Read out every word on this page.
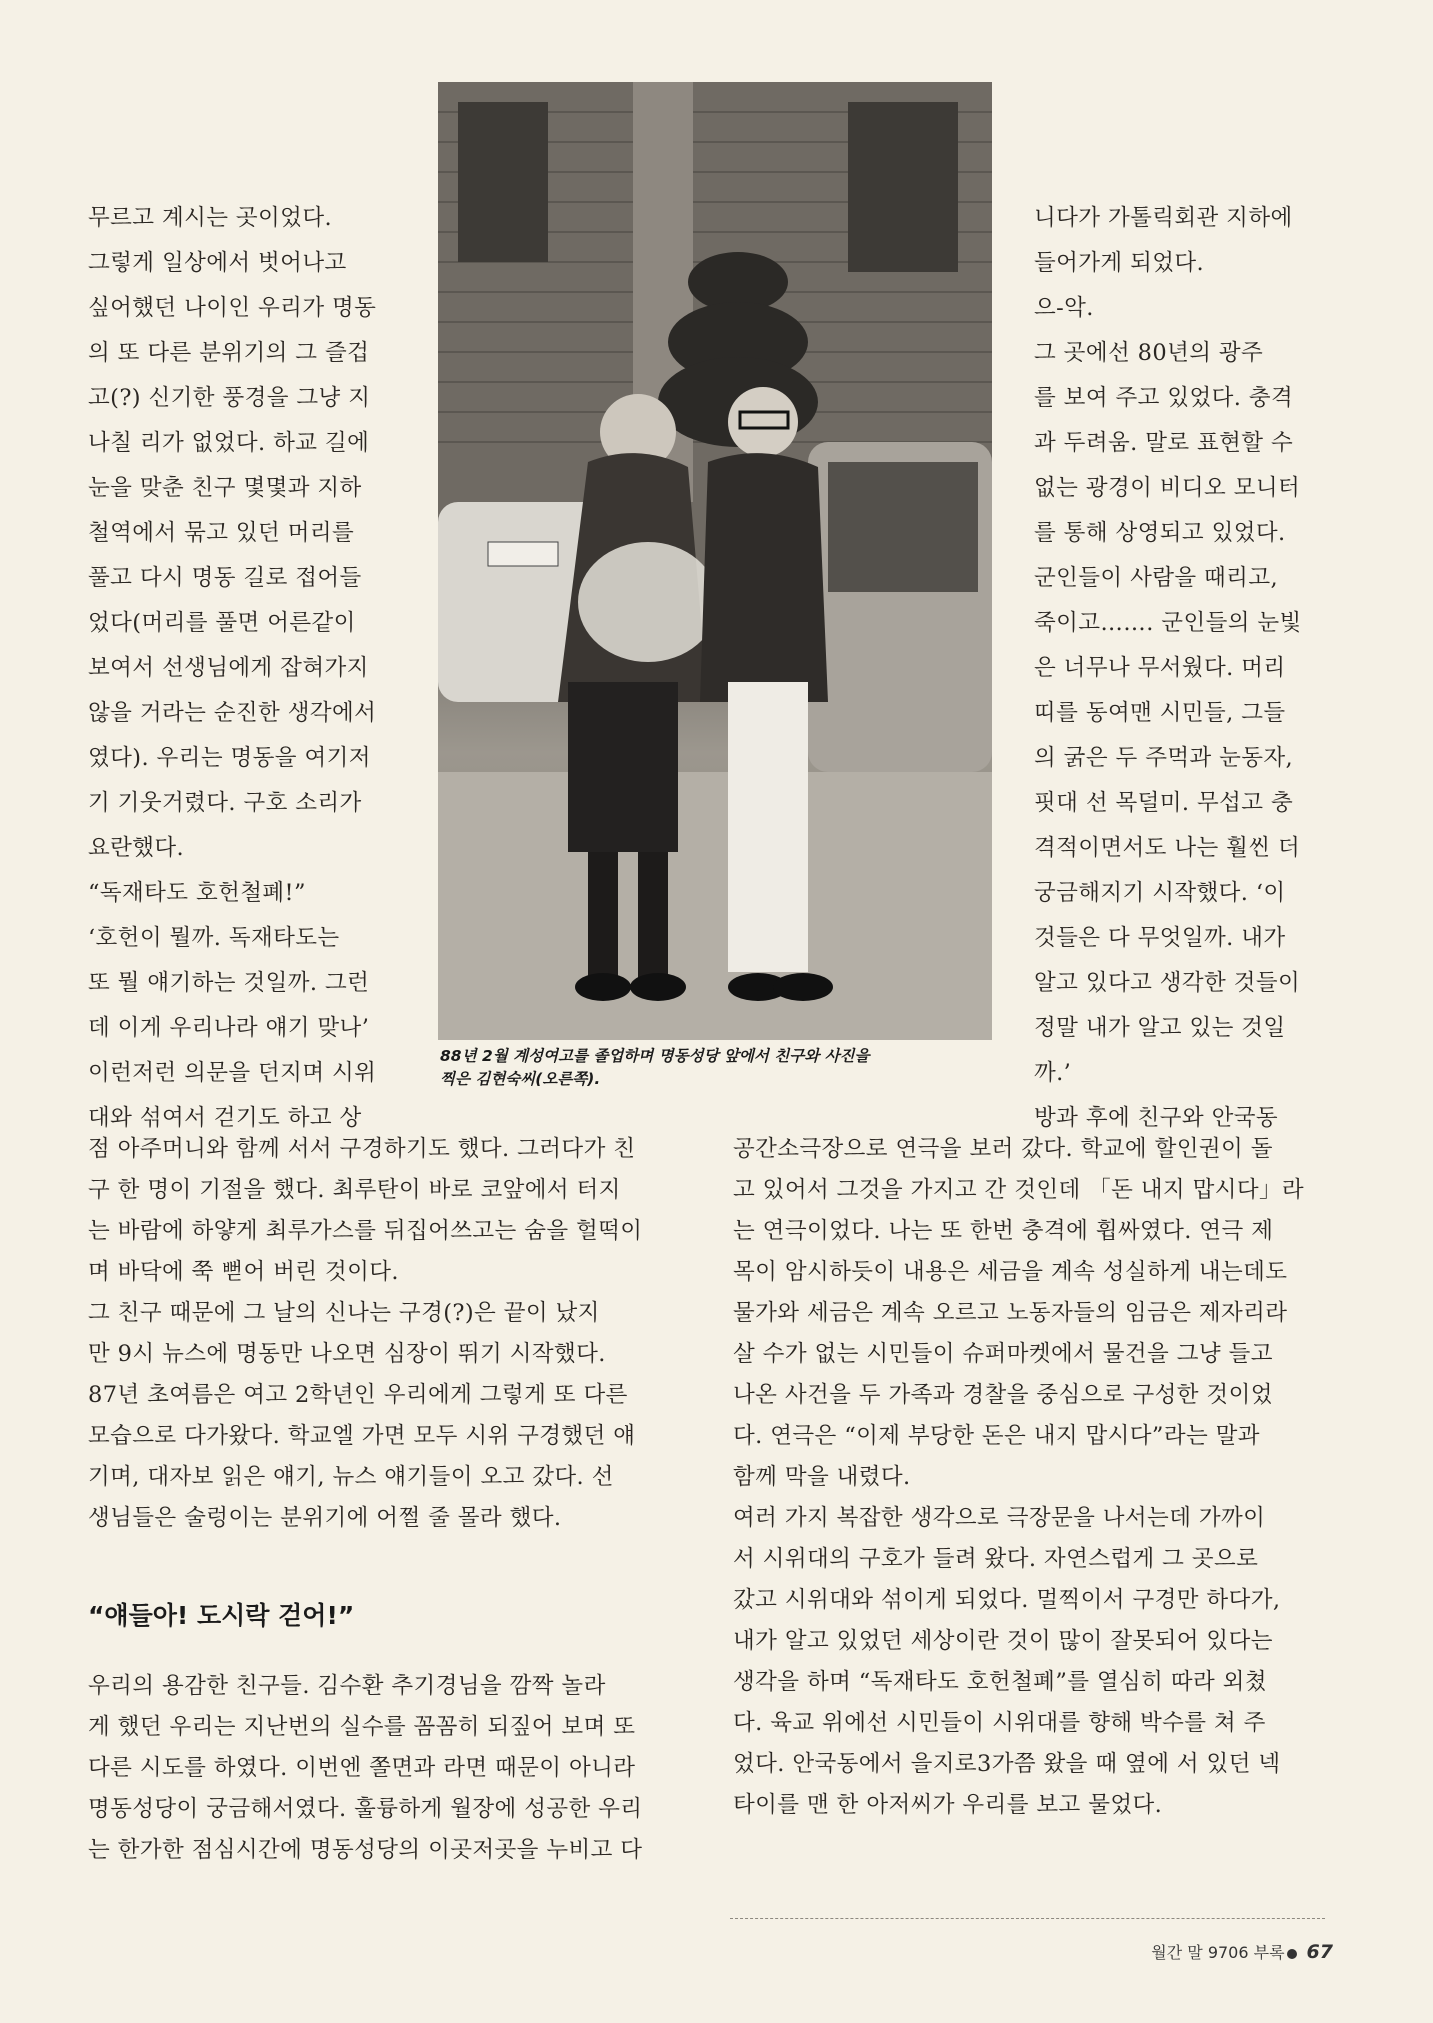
무르고 계시는 곳이었다.
그렇게 일상에서 벗어나고
싶어했던 나이인 우리가 명동
의 또 다른 분위기의 그 즐겁
고(?) 신기한 풍경을 그냥 지
나칠 리가 없었다. 하교 길에
눈을 맞춘 친구 몇몇과 지하
철역에서 묶고 있던 머리를
풀고 다시 명동 길로 접어들
었다(머리를 풀면 어른같이
보여서 선생님에게 잡혀가지
않을 거라는 순진한 생각에서
였다). 우리는 명동을 여기저
기 기웃거렸다. 구호 소리가
요란했다.
“독재타도 호헌철폐!”
‘호헌이 뭘까. 독재타도는
또 뭘 얘기하는 것일까. 그런
데 이게 우리나라 얘기 맞나’
이런저런 의문을 던지며 시위
대와 섞여서 걷기도 하고 상
88년 2월 계성여고를 졸업하며 명동성당 앞에서 친구와 사진을
찍은 김현숙씨(오른쪽).
니다가 가톨릭회관 지하에
들어가게 되었다.
으-악.
그 곳에선 80년의 광주
를 보여 주고 있었다. 충격
과 두려움. 말로 표현할 수
없는 광경이 비디오 모니터
를 통해 상영되고 있었다.
군인들이 사람을 때리고,
죽이고……. 군인들의 눈빛
은 너무나 무서웠다. 머리
띠를 동여맨 시민들, 그들
의 굵은 두 주먹과 눈동자,
핏대 선 목덜미. 무섭고 충
격적이면서도 나는 훨씬 더
궁금해지기 시작했다. ‘이
것들은 다 무엇일까. 내가
알고 있다고 생각한 것들이
정말 내가 알고 있는 것일
까.’
방과 후에 친구와 안국동
점 아주머니와 함께 서서 구경하기도 했다. 그러다가 친
구 한 명이 기절을 했다. 최루탄이 바로 코앞에서 터지
는 바람에 하얗게 최루가스를 뒤집어쓰고는 숨을 헐떡이
며 바닥에 쭉 뻗어 버린 것이다.
그 친구 때문에 그 날의 신나는 구경(?)은 끝이 났지
만 9시 뉴스에 명동만 나오면 심장이 뛰기 시작했다.
87년 초여름은 여고 2학년인 우리에게 그렇게 또 다른
모습으로 다가왔다. 학교엘 가면 모두 시위 구경했던 얘
기며, 대자보 읽은 얘기, 뉴스 얘기들이 오고 갔다. 선
생님들은 술렁이는 분위기에 어쩔 줄 몰라 했다.
“얘들아! 도시락 걷어!”
우리의 용감한 친구들. 김수환 추기경님을 깜짝 놀라
게 했던 우리는 지난번의 실수를 꼼꼼히 되짚어 보며 또
다른 시도를 하였다. 이번엔 쫄면과 라면 때문이 아니라
명동성당이 궁금해서였다. 훌륭하게 월장에 성공한 우리
는 한가한 점심시간에 명동성당의 이곳저곳을 누비고 다
공간소극장으로 연극을 보러 갔다. 학교에 할인권이 돌
고 있어서 그것을 가지고 간 것인데 「돈 내지 맙시다」라
는 연극이었다. 나는 또 한번 충격에 휩싸였다. 연극 제
목이 암시하듯이 내용은 세금을 계속 성실하게 내는데도
물가와 세금은 계속 오르고 노동자들의 임금은 제자리라
살 수가 없는 시민들이 슈퍼마켓에서 물건을 그냥 들고
나온 사건을 두 가족과 경찰을 중심으로 구성한 것이었
다. 연극은 “이제 부당한 돈은 내지 맙시다”라는 말과
함께 막을 내렸다.
여러 가지 복잡한 생각으로 극장문을 나서는데 가까이
서 시위대의 구호가 들려 왔다. 자연스럽게 그 곳으로
갔고 시위대와 섞이게 되었다. 멀찍이서 구경만 하다가,
내가 알고 있었던 세상이란 것이 많이 잘못되어 있다는
생각을 하며 “독재타도 호헌철폐”를 열심히 따라 외쳤
다. 육교 위에선 시민들이 시위대를 향해 박수를 쳐 주
었다. 안국동에서 을지로3가쯤 왔을 때 옆에 서 있던 넥
타이를 맨 한 아저씨가 우리를 보고 물었다.
월간 말 9706 부록 67
